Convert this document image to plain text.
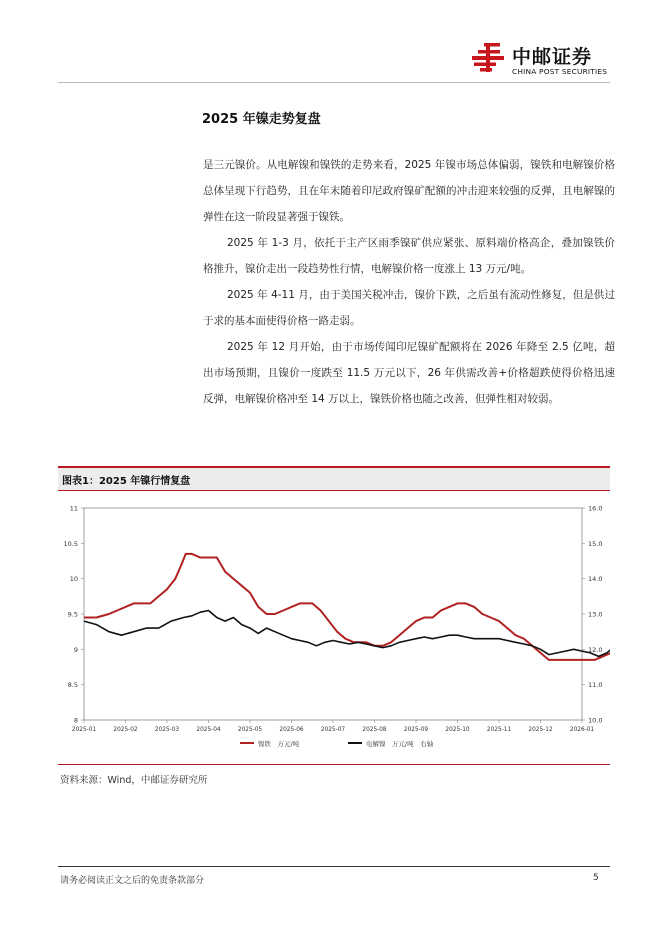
中邮证券
CHINA POST SECURITIES
2025 年镍走势复盘

是三元镍价。从电解镍和镍铁的走势来看，2025 年镍市场总体偏弱，镍铁和电解镍价格总体呈现下行趋势，且在年末随着印尼政府镍矿配额的冲击迎来较强的反弹，且电解镍的弹性在这一阶段显著强于镍铁。

2025 年 1-3 月，依托于主产区雨季镍矿供应紧张、原料端价格高企，叠加镍铁价格推升，镍价走出一段趋势性行情，电解镍价格一度涨上 13 万元/吨。

2025 年 4-11 月，由于美国关税冲击，镍价下跌，之后虽有流动性修复，但是供过于求的基本面使得价格一路走弱。

2025 年 12 月开始，由于市场传闻印尼镍矿配额将在 2026 年降至 2.5 亿吨，超出市场预期，且镍价一度跌至 11.5 万元以下，26 年供需改善+价格超跌使得价格迅速反弹，电解镍价格冲至 14 万以上，镍铁价格也随之改善，但弹性相对较弱。

图表1：2025 年镍行情复盘
8
8.5
9
9.5
10
10.5
11
10.0
11.0
12.0
13.0
14.0
15.0
16.0
2025-01	2025-02	2025-03	2025-04	2025-05	2025-06	2025-07	2025-08	2025-09	2025-10	2025-11	2025-12	2026-01
镍铁　万元/吨	电解镍　万元/吨　右轴
资料来源：Wind，中邮证券研究所
请务必阅读正文之后的免责条款部分	5
